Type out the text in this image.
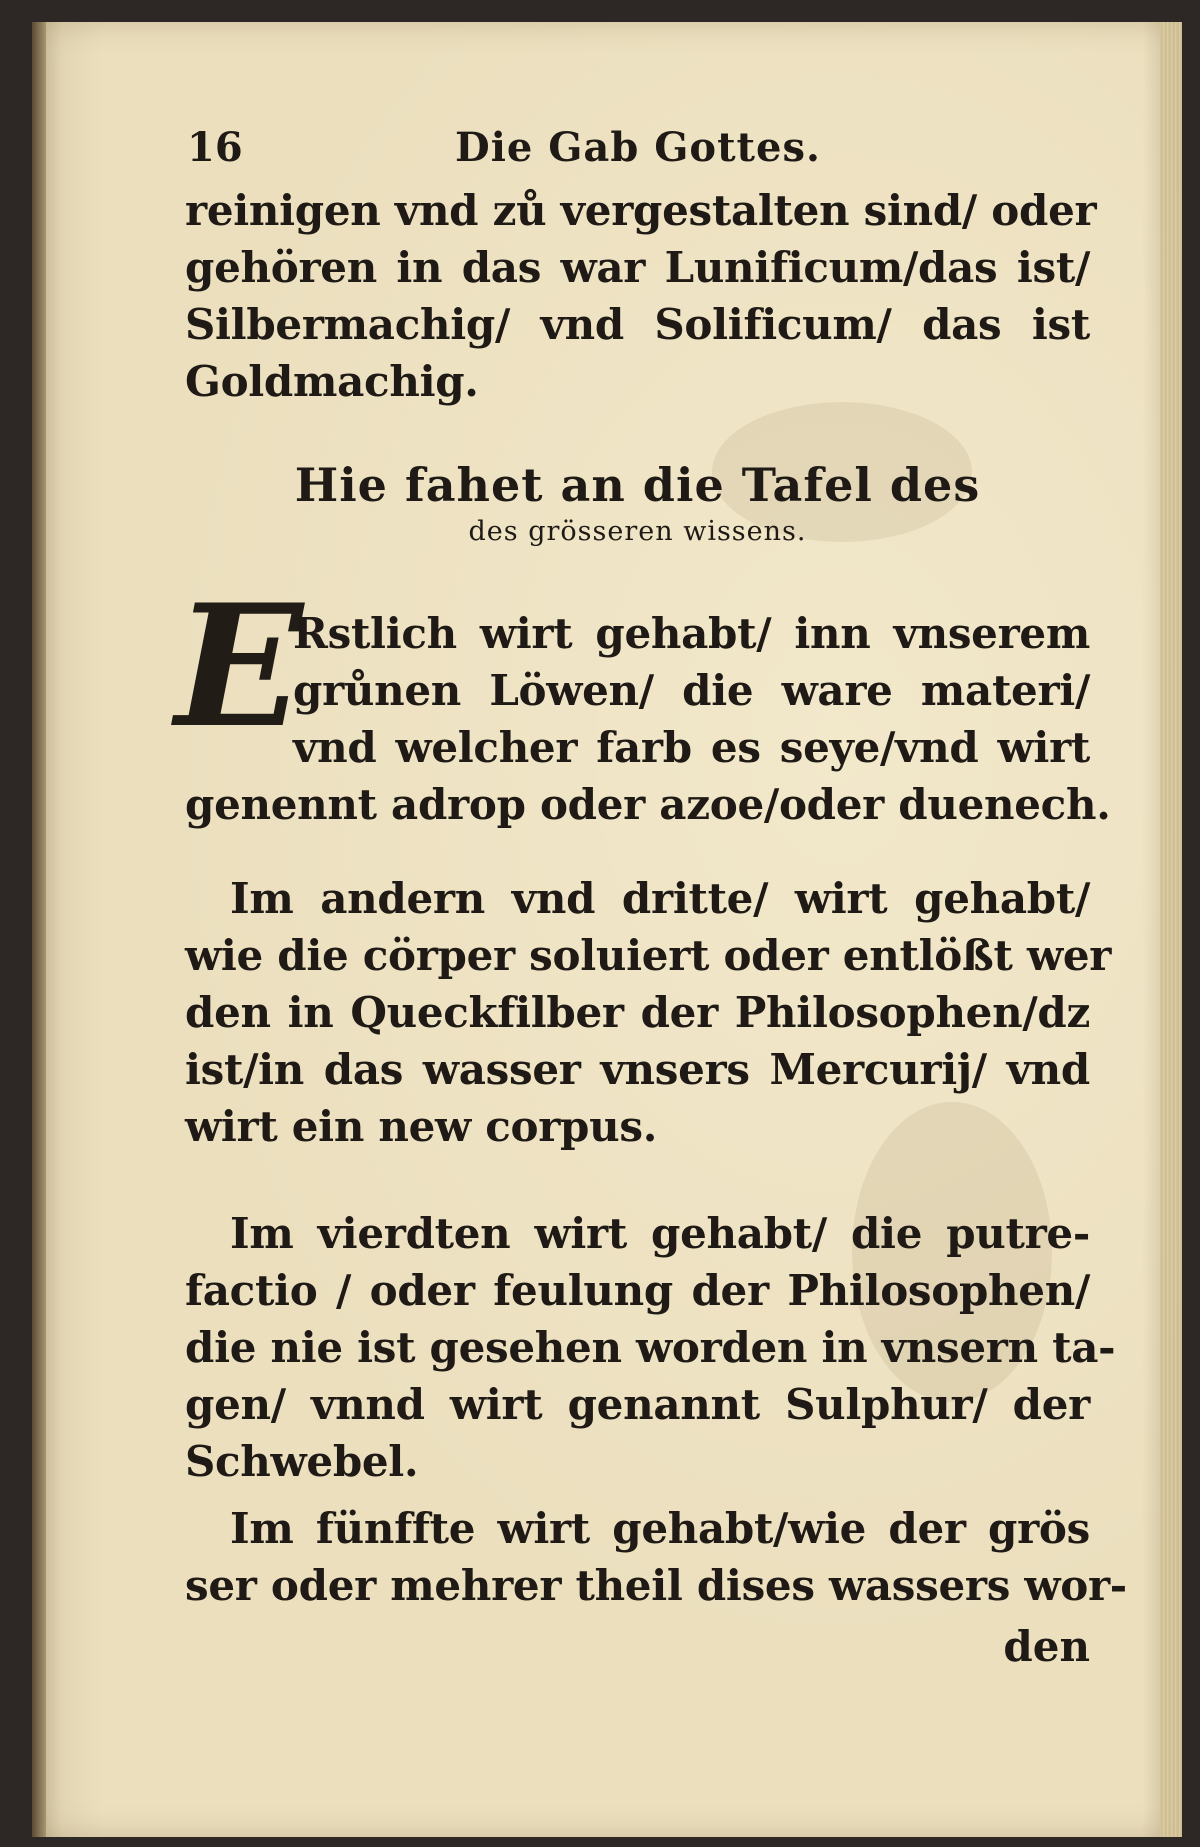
16	Die Gab Gottes.
reinigen vnd zů vergestalten sind/ oder
gehören in das war Lunificum/das ist/
Silbermachig/ vnd Solificum/ das ist
Goldmachig.
Hie fahet an die Tafel des
des grösseren wissens.
E
Rstlich wirt gehabt/ inn vnserem
grůnen Löwen/ die ware materi/
vnd welcher farb es seye/vnd wirt
genennt adrop oder azoe/oder duenech.
Im andern vnd dritte/ wirt gehabt/
wie die cörper soluiert oder entlößt wer
den in Queckfilber der Philosophen/dz
ist/in das wasser vnsers Mercurij/ vnd
wirt ein new corpus.
Im vierdten wirt gehabt/ die putre-
factio / oder feulung der Philosophen/
die nie ist gesehen worden in vnsern ta-
gen/ vnnd wirt genannt Sulphur/ der
Schwebel.
Im fünffte wirt gehabt/wie der grös
ser oder mehrer theil dises wassers wor-
den
